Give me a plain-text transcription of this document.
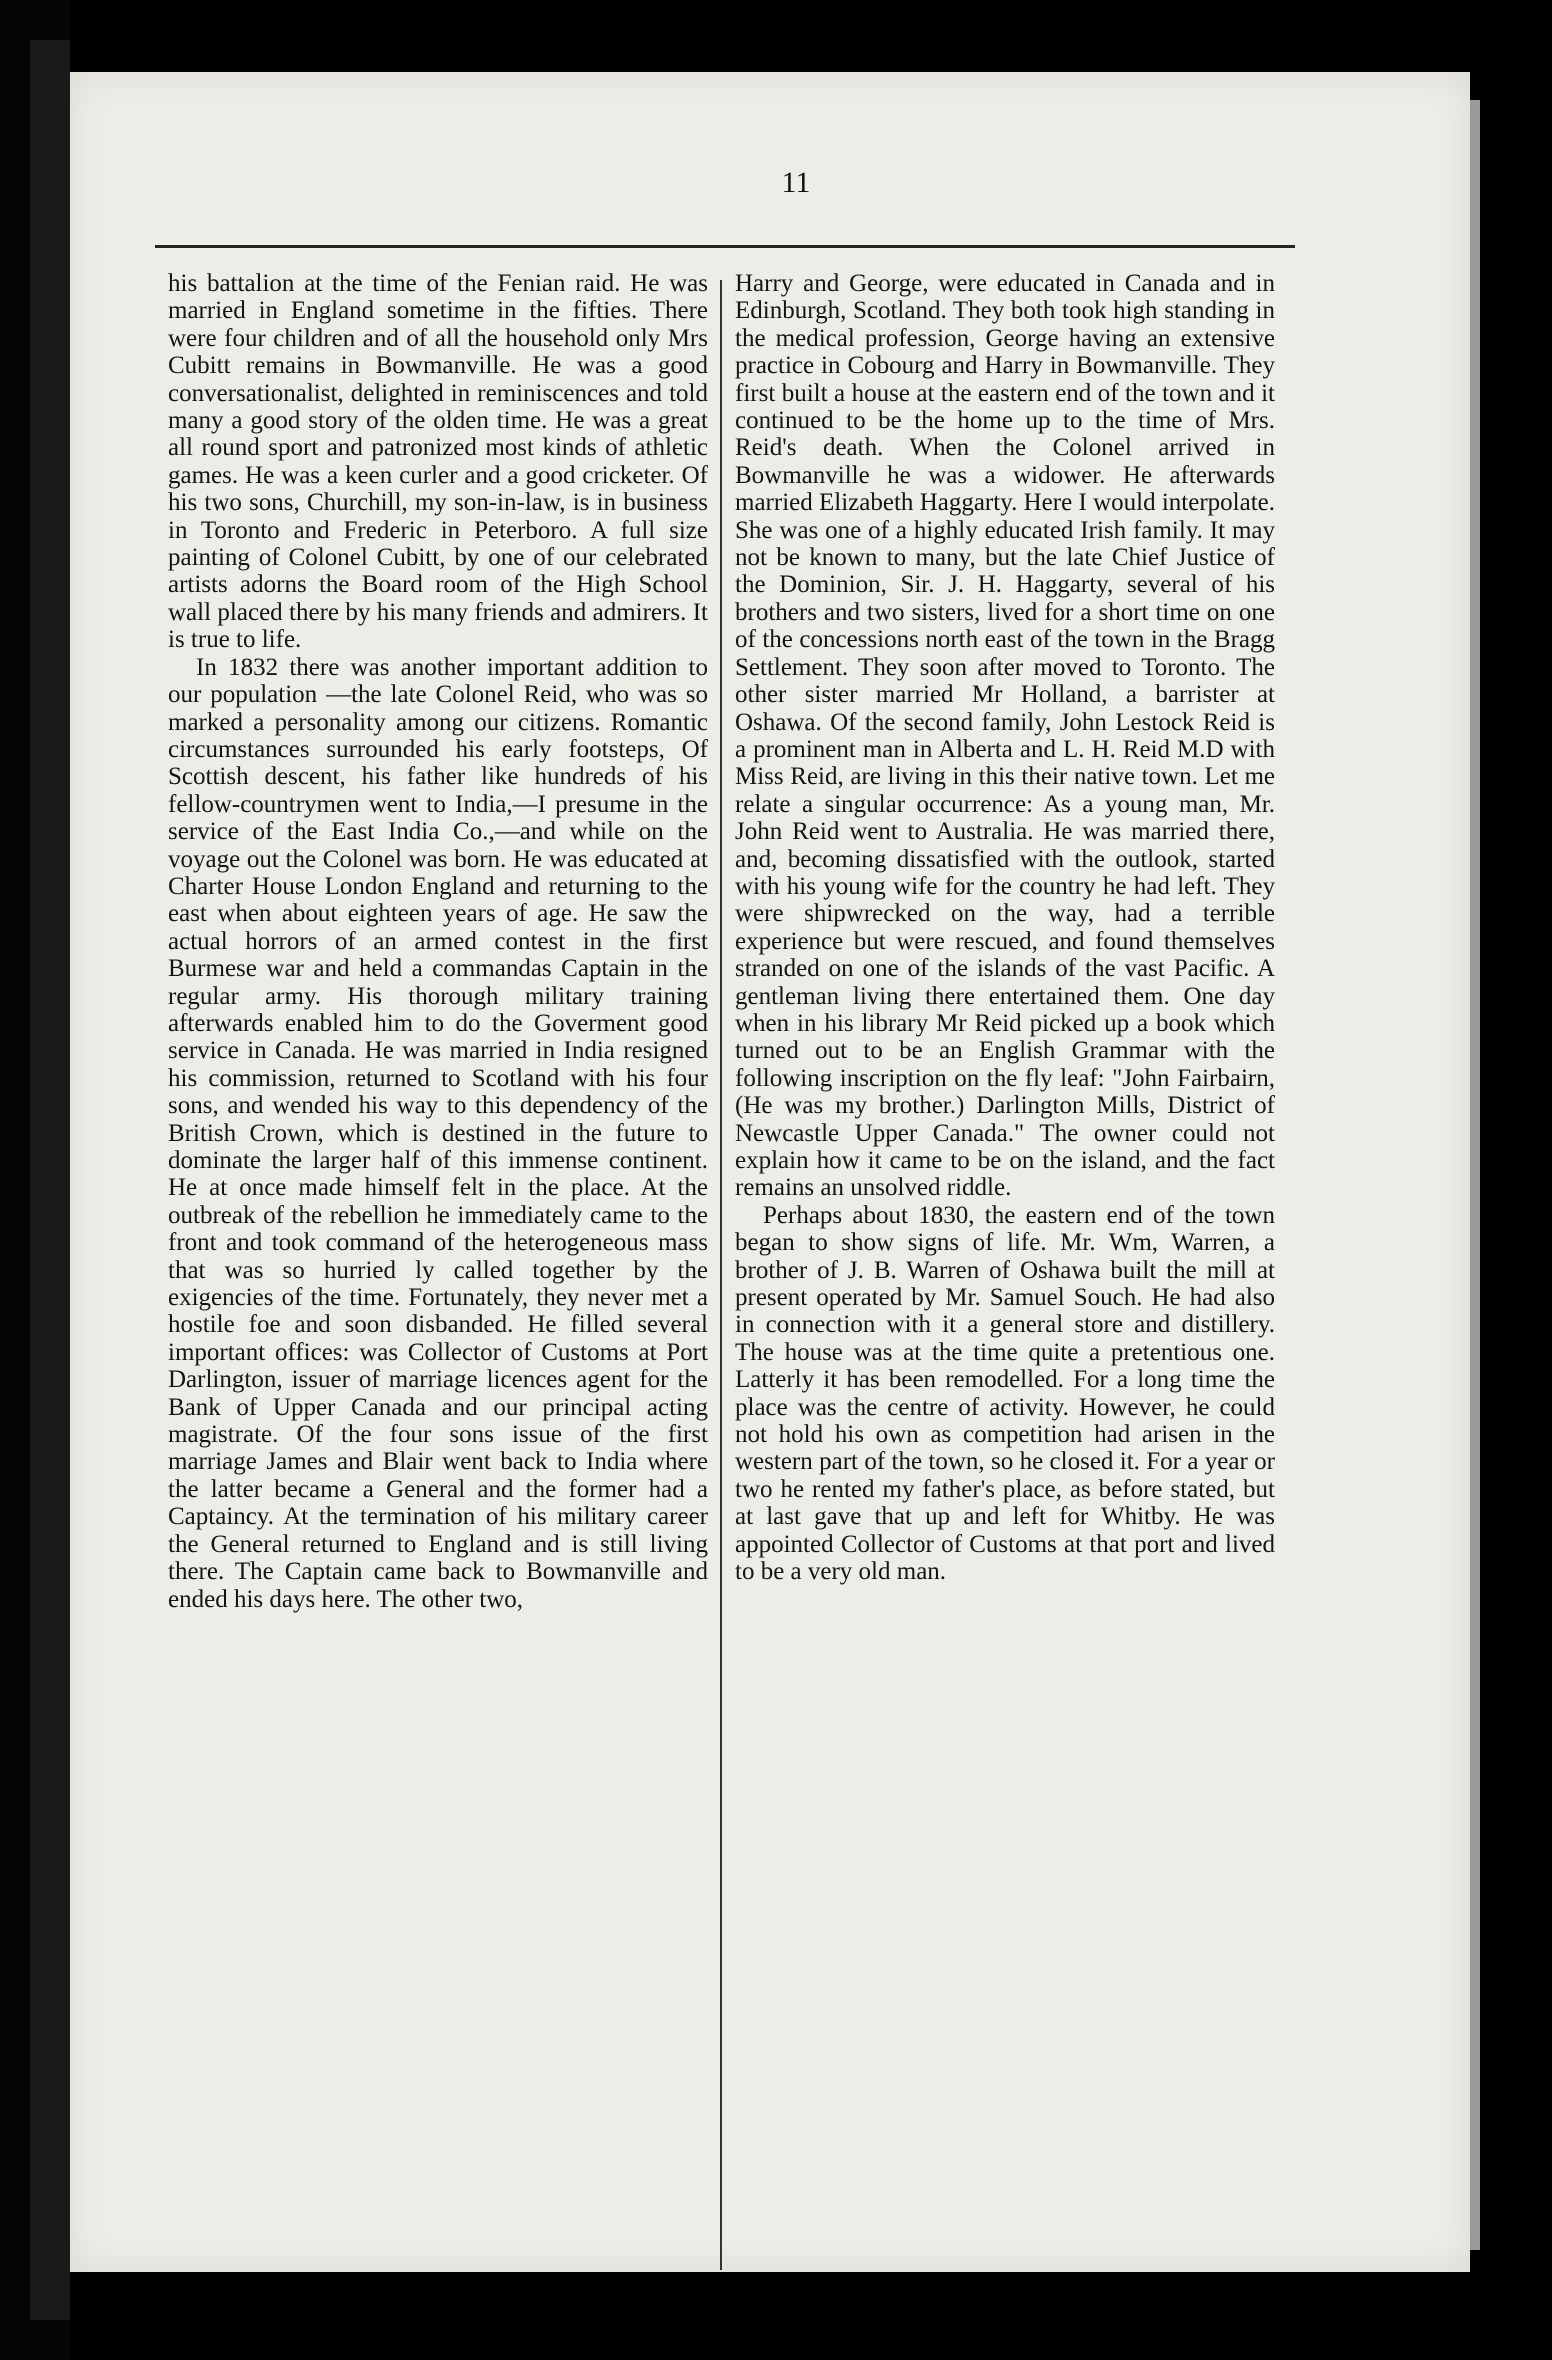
11

his battalion at the time of the Fenian raid. He was married in England sometime in the fifties. There were four children and of all the household only Mrs Cubitt remains in Bowmanville. He was a good conversationalist, delighted in reminiscences and told many a good story of the olden time. He was a great all round sport and patronized most kinds of athletic games. He was a keen curler and a good cricketer. Of his two sons, Churchill, my son-in-law, is in business in Toronto and Frederic in Peterboro. A full size painting of Colonel Cubitt, by one of our celebrated artists adorns the Board room of the High School wall placed there by his many friends and admirers. It is true to life.

In 1832 there was another important addition to our population —the late Colonel Reid, who was so marked a personality among our citizens. Romantic circumstances surrounded his early footsteps, Of Scottish descent, his father like hundreds of his fellow-countrymen went to India,—I presume in the service of the East India Co.,—and while on the voyage out the Colonel was born. He was educated at Charter House London England and returning to the east when about eighteen years of age. He saw the actual horrors of an armed contest in the first Burmese war and held a commandas Captain in the regular army. His thorough military training afterwards enabled him to do the Goverment good service in Canada. He was married in India resigned his commission, returned to Scotland with his four sons, and wended his way to this dependency of the British Crown, which is destined in the future to dominate the larger half of this immense continent. He at once made himself felt in the place. At the outbreak of the rebellion he immediately came to the front and took command of the heterogeneous mass that was so hurried ly called together by the exigencies of the time. Fortunately, they never met a hostile foe and soon disbanded. He filled several important offices: was Collector of Customs at Port Darlington, issuer of marriage licences agent for the Bank of Upper Canada and our principal acting magistrate. Of the four sons issue of the first marriage James and Blair went back to India where the latter became a General and the former had a Captaincy. At the termination of his military career the General returned to England and is still living there. The Captain came back to Bowmanville and ended his days here. The other two,

Harry and George, were educated in Canada and in Edinburgh, Scotland. They both took high standing in the medical profession, George having an extensive practice in Cobourg and Harry in Bowmanville. They first built a house at the eastern end of the town and it continued to be the home up to the time of Mrs. Reid's death. When the Colonel arrived in Bowmanville he was a widower. He afterwards married Elizabeth Haggarty. Here I would interpolate. She was one of a highly educated Irish family. It may not be known to many, but the late Chief Justice of the Dominion, Sir. J. H. Haggarty, several of his brothers and two sisters, lived for a short time on one of the concessions north east of the town in the Bragg Settlement. They soon after moved to Toronto. The other sister married Mr Holland, a barrister at Oshawa. Of the second family, John Lestock Reid is a prominent man in Alberta and L. H. Reid M.D with Miss Reid, are living in this their native town. Let me relate a singular occurrence: As a young man, Mr. John Reid went to Australia. He was married there, and, becoming dissatisfied with the outlook, started with his young wife for the country he had left. They were shipwrecked on the way, had a terrible experience but were rescued, and found themselves stranded on one of the islands of the vast Pacific. A gentleman living there entertained them. One day when in his library Mr Reid picked up a book which turned out to be an English Grammar with the following inscription on the fly leaf: "John Fairbairn, (He was my brother.) Darlington Mills, District of Newcastle Upper Canada." The owner could not explain how it came to be on the island, and the fact remains an unsolved riddle.

Perhaps about 1830, the eastern end of the town began to show signs of life. Mr. Wm, Warren, a brother of J. B. Warren of Oshawa built the mill at present operated by Mr. Samuel Souch. He had also in connection with it a general store and distillery. The house was at the time quite a pretentious one. Latterly it has been remodelled. For a long time the place was the centre of activity. However, he could not hold his own as competition had arisen in the western part of the town, so he closed it. For a year or two he rented my father's place, as before stated, but at last gave that up and left for Whitby. He was appointed Collector of Customs at that port and lived to be a very old man.
